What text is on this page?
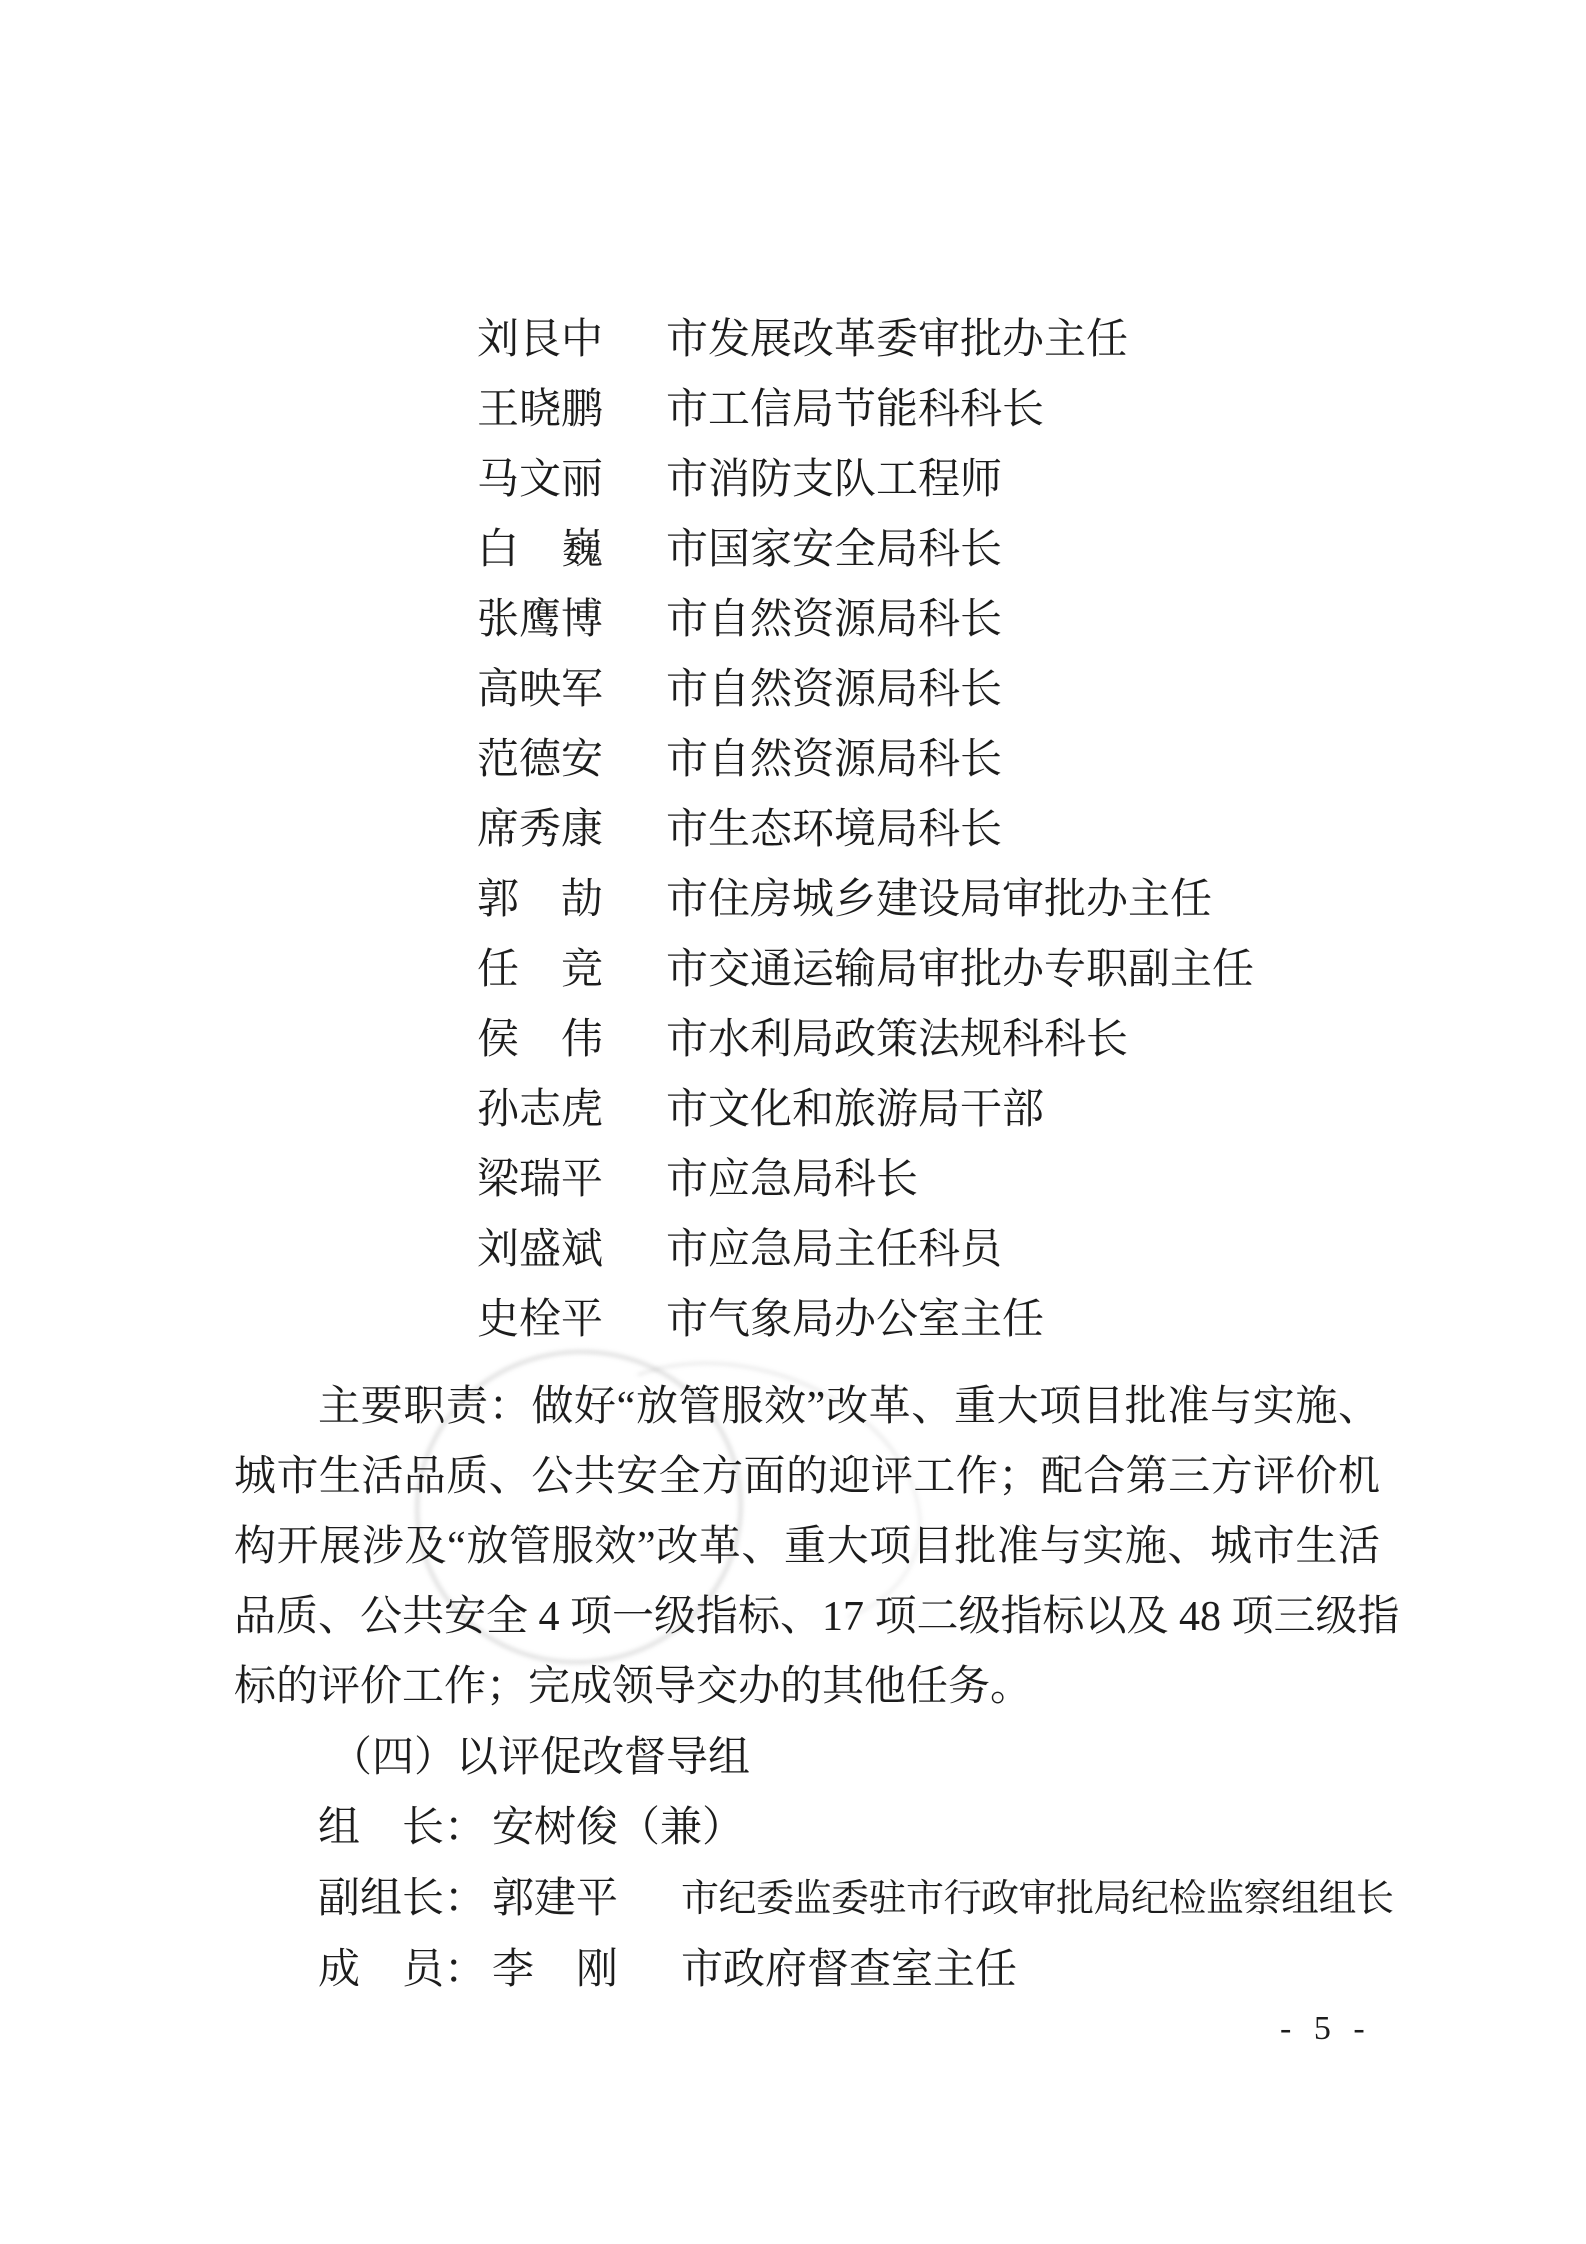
刘艮中	市发展改革委审批办主任
王晓鹏	市工信局节能科科长
马文丽	市消防支队工程师
白　巍	市国家安全局科长
张鹰博	市自然资源局科长
高映军	市自然资源局科长
范德安	市自然资源局科长
席秀康	市生态环境局科长
郭　劼	市住房城乡建设局审批办主任
任　竞	市交通运输局审批办专职副主任
侯　伟	市水利局政策法规科科长
孙志虎	市文化和旅游局干部
梁瑞平	市应急局科长
刘盛斌	市应急局主任科员
史栓平	市气象局办公室主任
主要职责：做好“放管服效”改革、重大项目批准与实施、
城市生活品质、公共安全方面的迎评工作；配合第三方评价机
构开展涉及“放管服效”改革、重大项目批准与实施、城市生活
品质、公共安全 4 项一级指标、17 项二级指标以及 48 项三级指
标的评价工作；完成领导交办的其他任务。
（四）以评促改督导组
组　长： 安树俊（兼）
副组长： 郭建平	市纪委监委驻市行政审批局纪检监察组组长
成　员： 李　刚	市政府督查室主任
- 5 -
